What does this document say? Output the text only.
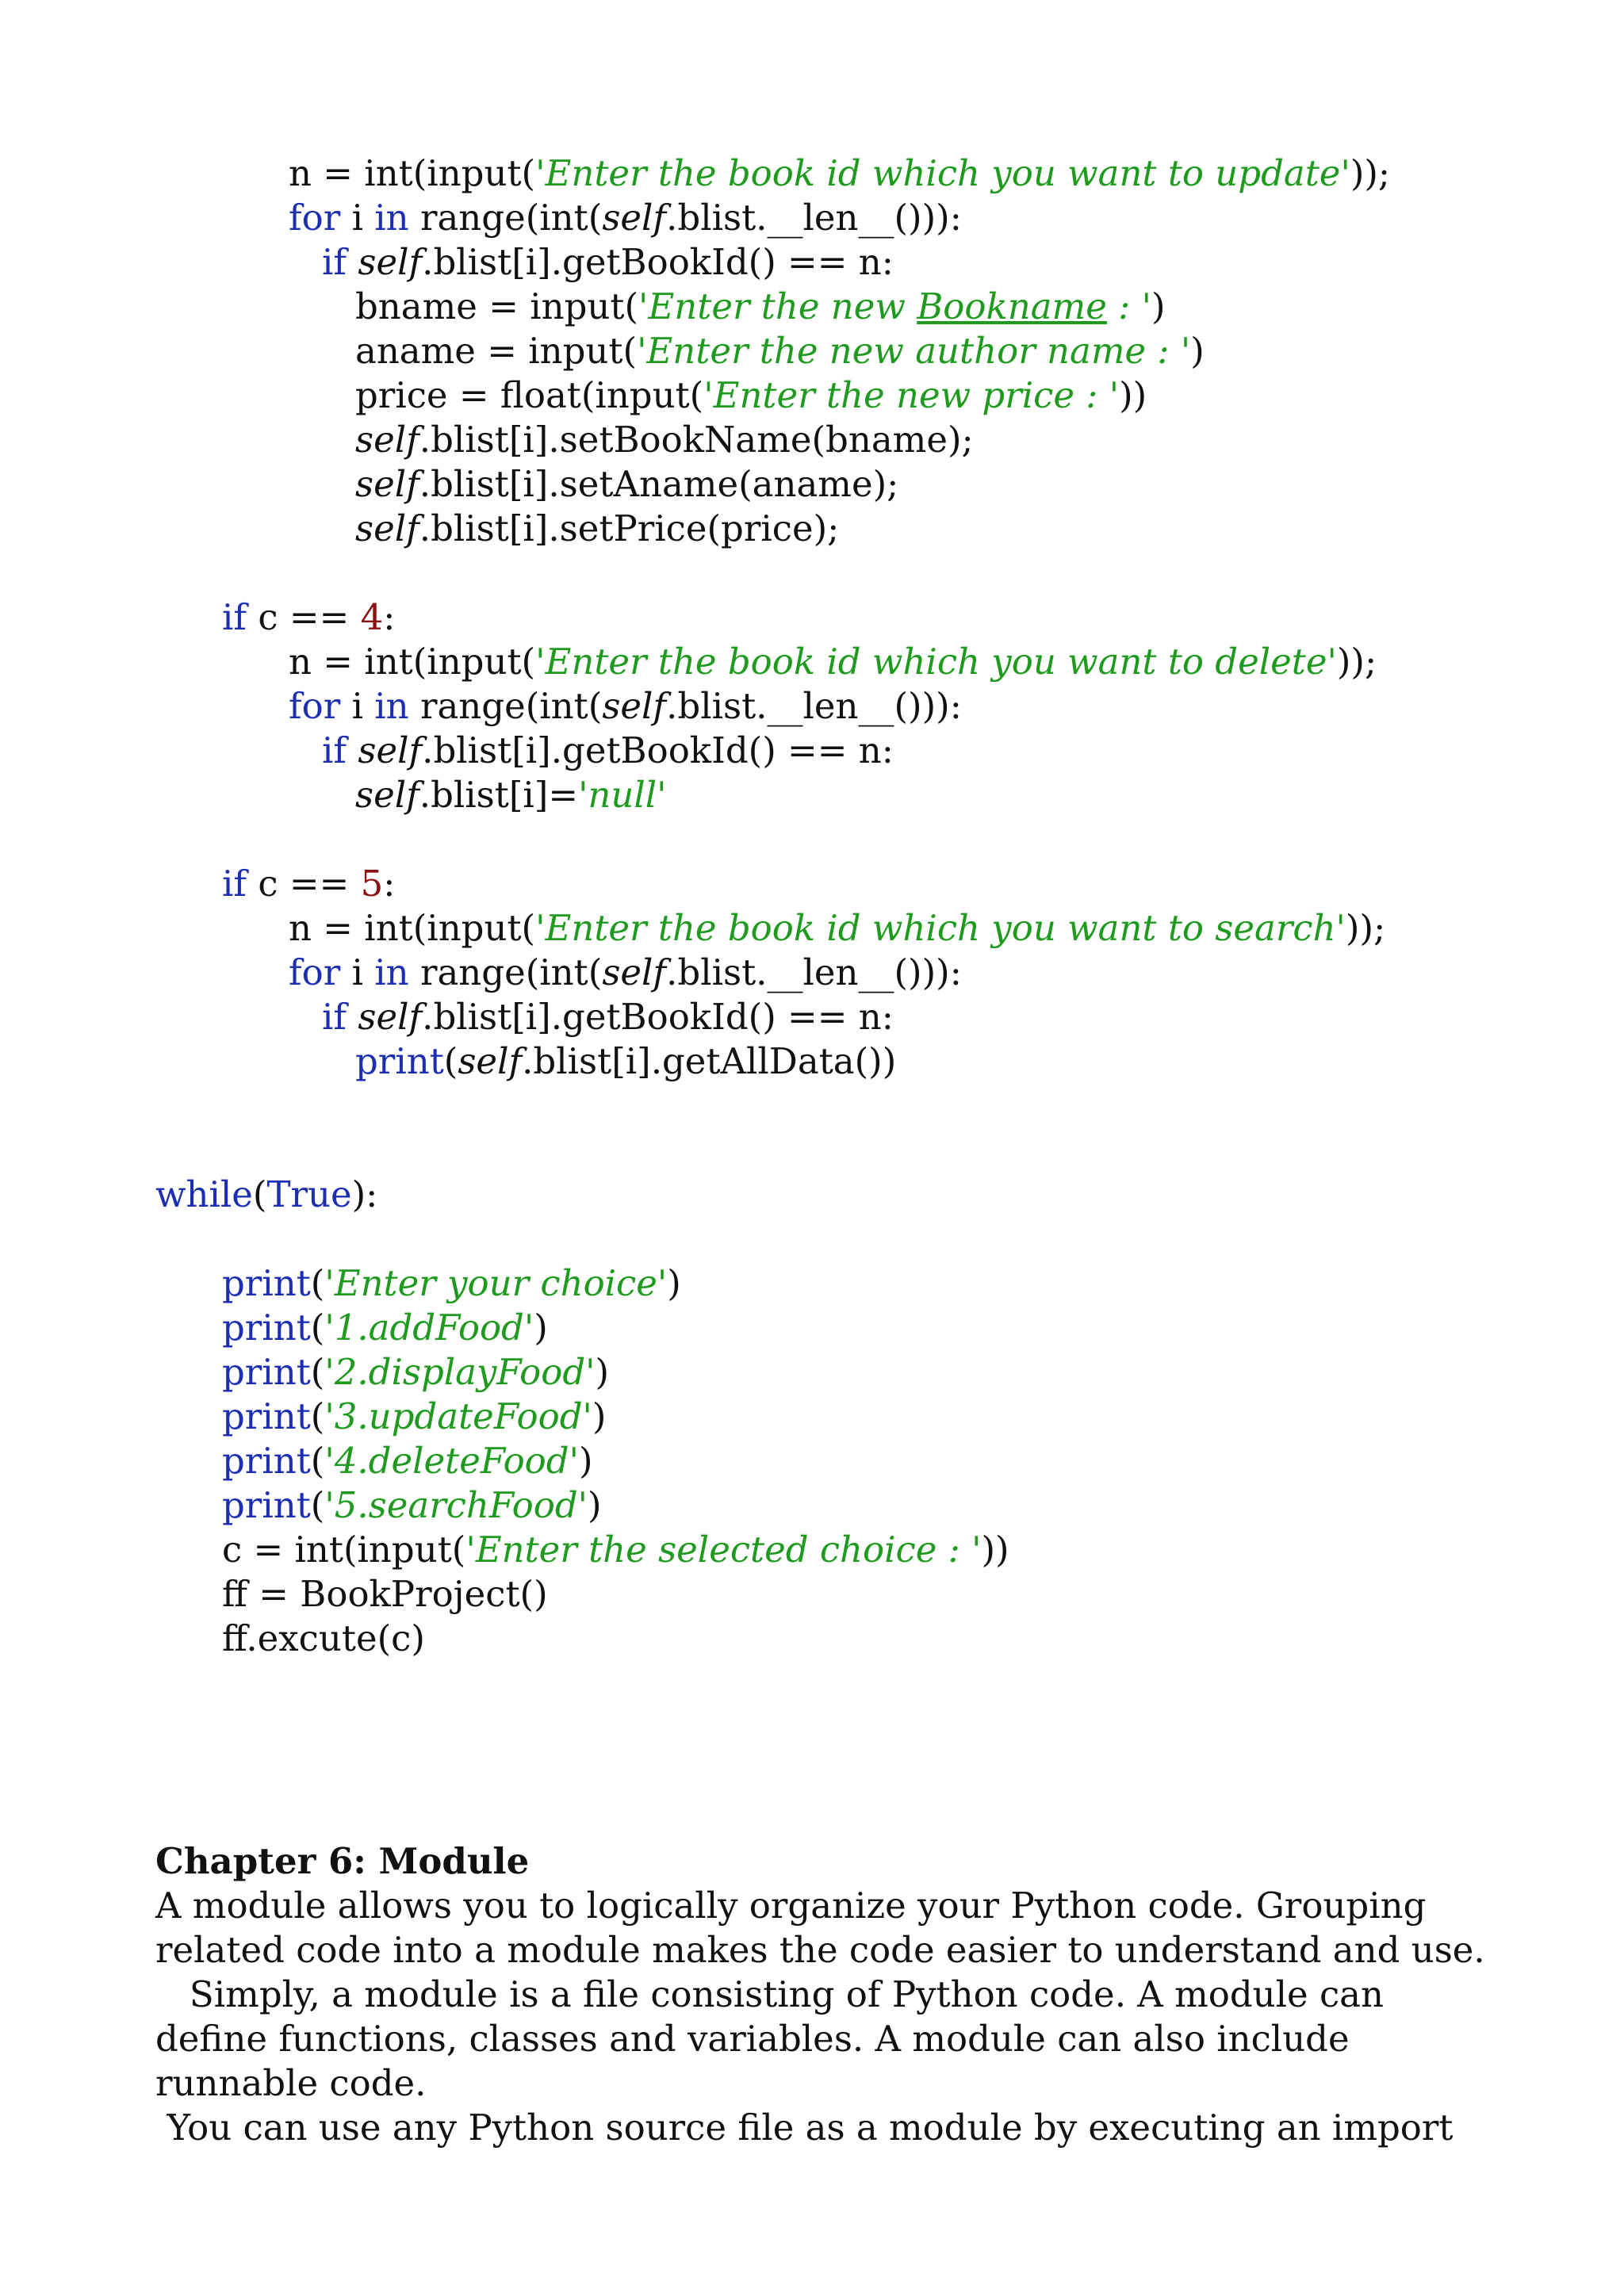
n = int(input('Enter the book id which you want to update'));
for i in range(int(self.blist.__len__())):
if self.blist[i].getBookId() == n:
bname = input('Enter the new Bookname : ')
aname = input('Enter the new author name : ')
price = float(input('Enter the new price : '))
self.blist[i].setBookName(bname);
self.blist[i].setAname(aname);
self.blist[i].setPrice(price);
if c == 4:
n = int(input('Enter the book id which you want to delete'));
for i in range(int(self.blist.__len__())):
if self.blist[i].getBookId() == n:
self.blist[i]='null'
if c == 5:
n = int(input('Enter the book id which you want to search'));
for i in range(int(self.blist.__len__())):
if self.blist[i].getBookId() == n:
print(self.blist[i].getAllData())
while(True):
print('Enter your choice')
print('1.addFood')
print('2.displayFood')
print('3.updateFood')
print('4.deleteFood')
print('5.searchFood')
c = int(input('Enter the selected choice : '))
ff = BookProject()
ff.excute(c)
Chapter 6: Module

A module allows you to logically organize your Python code. Grouping related code into a module makes the code easier to understand and use.

Simply, a module is a file consisting of Python code. A module can define functions, classes and variables. A module can also include runnable code.

You can use any Python source file as a module by executing an import
